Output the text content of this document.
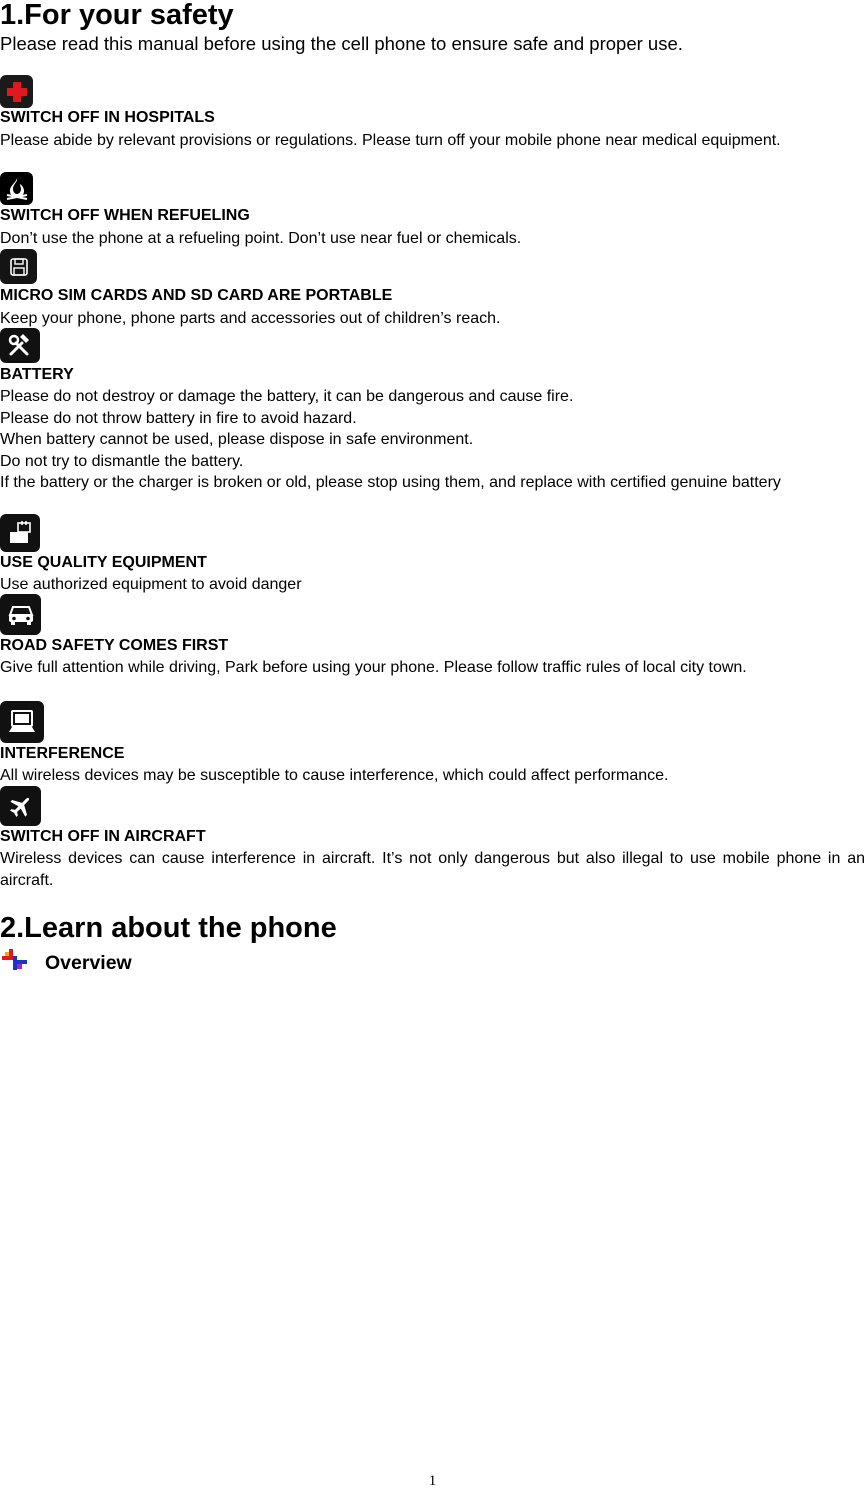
1.For your safety
Please read this manual before using the cell phone to ensure safe and proper use.
SWITCH OFF IN HOSPITALS

Please abide by relevant provisions or regulations. Please turn off your mobile phone near medical equipment.

SWITCH OFF WHEN REFUELING

Don’t use the phone at a refueling point. Don’t use near fuel or chemicals.

MICRO SIM CARDS AND SD CARD ARE PORTABLE

Keep your phone, phone parts and accessories out of children’s reach.

BATTERY

Please do not destroy or damage the battery, it can be dangerous and cause fire.

Please do not throw battery in fire to avoid hazard.

When battery cannot be used, please dispose in safe environment.

Do not try to dismantle the battery.

If the battery or the charger is broken or old, please stop using them, and replace with certified genuine battery

USE QUALITY EQUIPMENT

Use authorized equipment to avoid danger

ROAD SAFETY COMES FIRST

Give full attention while driving, Park before using your phone. Please follow traffic rules of local city town.

INTERFERENCE

All wireless devices may be susceptible to cause interference, which could affect performance.

SWITCH OFF IN AIRCRAFT

Wireless devices can cause interference in aircraft. It’s not only dangerous but also illegal to use mobile phone in an aircraft.

2.Learn about the phone
Overview
1
